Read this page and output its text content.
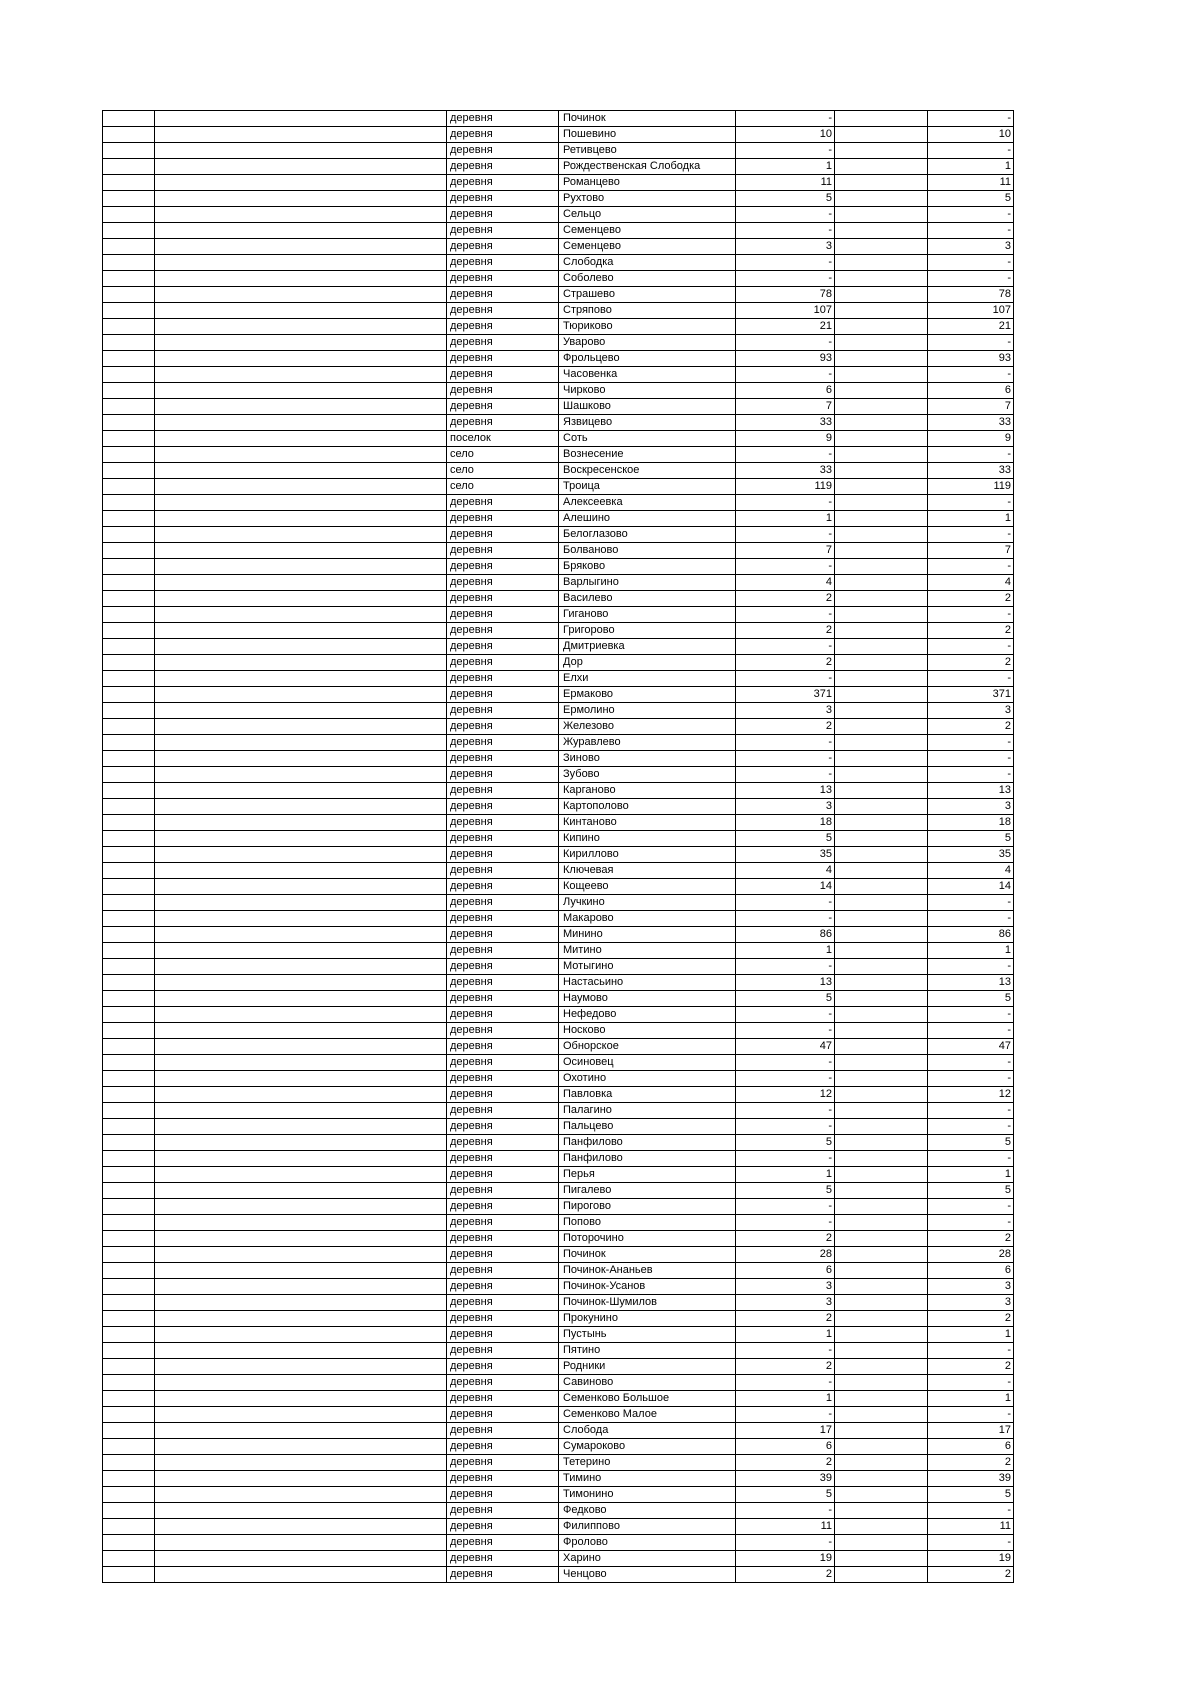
		деревня	Починок	-		-
		деревня	Пошевино	10		10
		деревня	Ретивцево	-		-
		деревня	Рождественская Слободка	1		1
		деревня	Романцево	11		11
		деревня	Рухтово	5		5
		деревня	Сельцо	-		-
		деревня	Семенцево	-		-
		деревня	Семенцево	3		3
		деревня	Слободка	-		-
		деревня	Соболево	-		-
		деревня	Страшево	78		78
		деревня	Стряпово	107		107
		деревня	Тюриково	21		21
		деревня	Уварово	-		-
		деревня	Фрольцево	93		93
		деревня	Часовенка	-		-
		деревня	Чирково	6		6
		деревня	Шашково	7		7
		деревня	Язвицево	33		33
		поселок	Соть	9		9
		село	Вознесение	-		-
		село	Воскресенское	33		33
		село	Троица	119		119
		деревня	Алексеевка	-		-
		деревня	Алешино	1		1
		деревня	Белоглазово	-		-
		деревня	Болваново	7		7
		деревня	Бряково	-		-
		деревня	Варлыгино	4		4
		деревня	Василево	2		2
		деревня	Гиганово	-		-
		деревня	Григорово	2		2
		деревня	Дмитриевка	-		-
		деревня	Дор	2		2
		деревня	Елхи	-		-
		деревня	Ермаково	371		371
		деревня	Ермолино	3		3
		деревня	Железово	2		2
		деревня	Журавлево	-		-
		деревня	Зиново	-		-
		деревня	Зубово	-		-
		деревня	Карганово	13		13
		деревня	Картополово	3		3
		деревня	Кинтаново	18		18
		деревня	Кипино	5		5
		деревня	Кириллово	35		35
		деревня	Ключевая	4		4
		деревня	Кощеево	14		14
		деревня	Лучкино	-		-
		деревня	Макарово	-		-
		деревня	Минино	86		86
		деревня	Митино	1		1
		деревня	Мотыгино	-		-
		деревня	Настасьино	13		13
		деревня	Наумово	5		5
		деревня	Нефедово	-		-
		деревня	Носково	-		-
		деревня	Обнорское	47		47
		деревня	Осиновец	-		-
		деревня	Охотино	-		-
		деревня	Павловка	12		12
		деревня	Палагино	-		-
		деревня	Пальцево	-		-
		деревня	Панфилово	5		5
		деревня	Панфилово	-		-
		деревня	Перья	1		1
		деревня	Пигалево	5		5
		деревня	Пирогово	-		-
		деревня	Попово	-		-
		деревня	Поторочино	2		2
		деревня	Починок	28		28
		деревня	Починок-Ананьев	6		6
		деревня	Починок-Усанов	3		3
		деревня	Починок-Шумилов	3		3
		деревня	Прокунино	2		2
		деревня	Пустынь	1		1
		деревня	Пятино	-		-
		деревня	Родники	2		2
		деревня	Савиново	-		-
		деревня	Семенково Большое	1		1
		деревня	Семенково Малое	-		-
		деревня	Слобода	17		17
		деревня	Сумароково	6		6
		деревня	Тетерино	2		2
		деревня	Тимино	39		39
		деревня	Тимонино	5		5
		деревня	Федково	-		-
		деревня	Филиппово	11		11
		деревня	Фролово	-		-
		деревня	Харино	19		19
		деревня	Ченцово	2		2
